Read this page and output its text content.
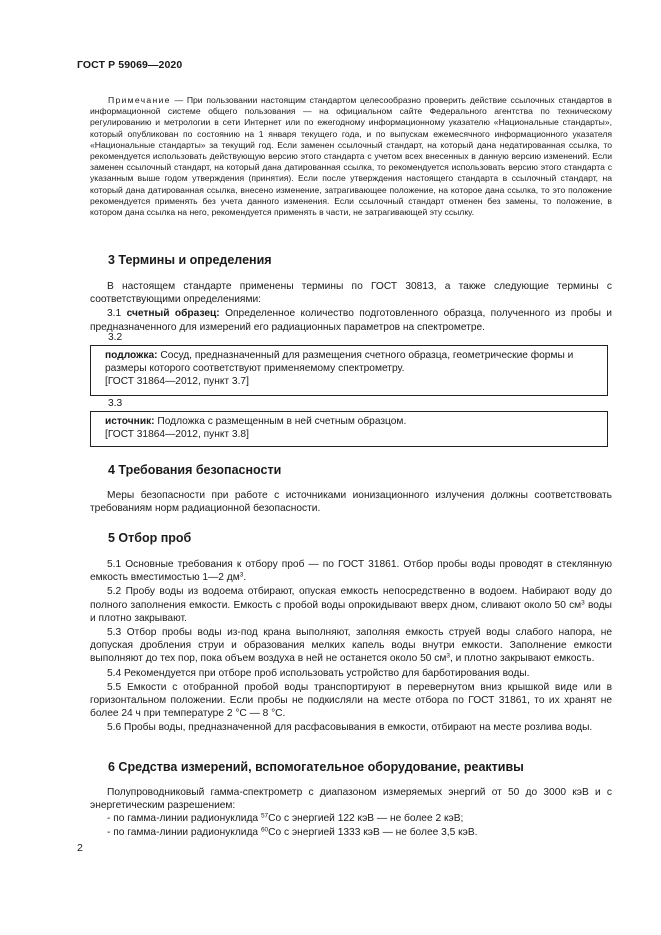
ГОСТ Р 59069—2020

Примечание — При пользовании настоящим стандартом целесообразно проверить действие ссылочных стандартов в информационной системе общего пользования — на официальном сайте Федерального агентства по техническому регулированию и метрологии в сети Интернет или по ежегодному информационному указателю «Национальные стандарты», который опубликован по состоянию на 1 января текущего года, и по выпускам ежемесячного информационного указателя «Национальные стандарты» за текущий год. Если заменен ссылочный стандарт, на который дана недатированная ссылка, то рекомендуется использовать действующую версию этого стандарта с учетом всех внесенных в данную версию изменений. Если заменен ссылочный стандарт, на который дана датированная ссылка, то рекомендуется использовать версию этого стандарта с указанным выше годом утверждения (принятия). Если после утверждения настоящего стандарта в ссылочный стандарт, на который дана датированная ссылка, внесено изменение, затрагивающее положение, на которое дана ссылка, то это положение рекомендуется применять без учета данного изменения. Если ссылочный стандарт отменен без замены, то положение, в котором дана ссылка на него, рекомендуется применять в части, не затрагивающей эту ссылку.

3 Термины и определения

В настоящем стандарте применены термины по ГОСТ 30813, а также следующие термины с соответствующими определениями:

3.1 счетный образец: Определенное количество подготовленного образца, полученного из пробы и предназначенного для измерений его радиационных параметров на спектрометре.

3.2

подложка: Сосуд, предназначенный для размещения счетного образца, геометрические формы и размеры которого соответствуют применяемому спектрометру.

[ГОСТ 31864—2012, пункт 3.7]

3.3

источник: Подложка с размещенным в ней счетным образцом.

[ГОСТ 31864—2012, пункт 3.8]

4 Требования безопасности

Меры безопасности при работе с источниками ионизационного излучения должны соответствовать требованиям норм радиационной безопасности.

5 Отбор проб

5.1 Основные требования к отбору проб — по ГОСТ 31861. Отбор пробы воды проводят в стеклянную емкость вместимостью 1—2 $дм^3$.

5.2 Пробу воды из водоема отбирают, опуская емкость непосредственно в водоем. Набирают воду до полного заполнения емкости. Емкость с пробой воды опрокидывают вверх дном, сливают около 50 $см^3$ воды и плотно закрывают.

5.3 Отбор пробы воды из-под крана выполняют, заполняя емкость струей воды слабого напора, не допуская дробления струи и образования мелких капель воды внутри емкости. Заполнение емкости выполняют до тех пор, пока объем воздуха в ней не останется около 50 $см^3$, и плотно закрывают емкость.

5.4 Рекомендуется при отборе проб использовать устройство для барботирования воды.

5.5 Емкости с отобранной пробой воды транспортируют в перевернутом вниз крышкой виде или в горизонтальном положении. Если пробы не подкисляли на месте отбора по ГОСТ 31861, то их хранят не более 24 ч при температуре 2 °С — 8 °С.

5.6 Пробы воды, предназначенной для расфасовывания в емкости, отбирают на месте розлива воды.

6 Средства измерений, вспомогательное оборудование, реактивы

Полупроводниковый гамма-спектрометр с диапазоном измеряемых энергий от 50 до 3000 кэВ и с энергетическим разрешением:

- по гамма-линии радионуклида $^{57}$Co с энергией 122 кэВ — не более 2 кэВ;
- по гамма-линии радионуклида $^{60}$Co с энергией 1333 кэВ — не более 3,5 кэВ.
2
